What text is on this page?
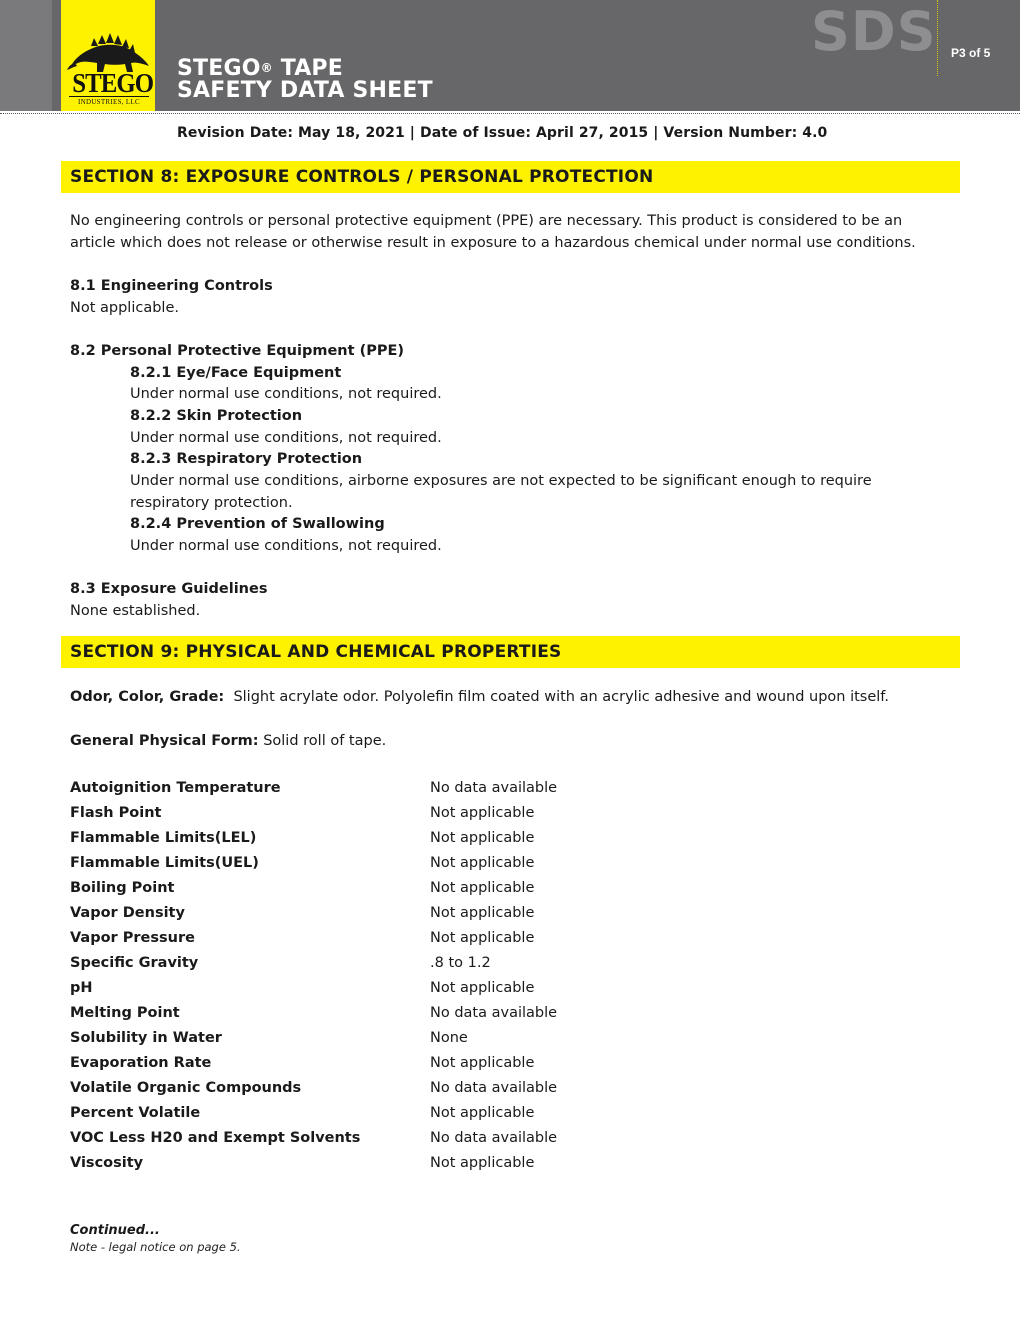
STEGO
INDUSTRIES, LLC
STEGO® TAPE
SAFETY DATA SHEET
SDS P3 of 5
Revision Date: May 18, 2021 | Date of Issue: April 27, 2015 | Version Number: 4.0
SECTION 8: EXPOSURE CONTROLS / PERSONAL PROTECTION
No engineering controls or personal protective equipment (PPE) are necessary. This product is considered to be an
article which does not release or otherwise result in exposure to a hazardous chemical under normal use conditions.
8.1 Engineering Controls
Not applicable.
8.2 Personal Protective Equipment (PPE)
8.2.1 Eye/Face Equipment
Under normal use conditions, not required.
8.2.2 Skin Protection
Under normal use conditions, not required.
8.2.3 Respiratory Protection
Under normal use conditions, airborne exposures are not expected to be significant enough to require
respiratory protection.
8.2.4 Prevention of Swallowing
Under normal use conditions, not required.
8.3 Exposure Guidelines
None established.
SECTION 9: PHYSICAL AND CHEMICAL PROPERTIES
Odor, Color, Grade: Slight acrylate odor. Polyolefin film coated with an acrylic adhesive and wound upon itself.
General Physical Form: Solid roll of tape.
Autoignition Temperature	No data available
Flash Point	Not applicable
Flammable Limits(LEL)	Not applicable
Flammable Limits(UEL)	Not applicable
Boiling Point	Not applicable
Vapor Density	Not applicable
Vapor Pressure	Not applicable
Specific Gravity	.8 to 1.2
pH	Not applicable
Melting Point	No data available
Solubility in Water	None
Evaporation Rate	Not applicable
Volatile Organic Compounds	No data available
Percent Volatile	Not applicable
VOC Less H20 and Exempt Solvents	No data available
Viscosity	Not applicable
Continued...
Note - legal notice on page 5.
